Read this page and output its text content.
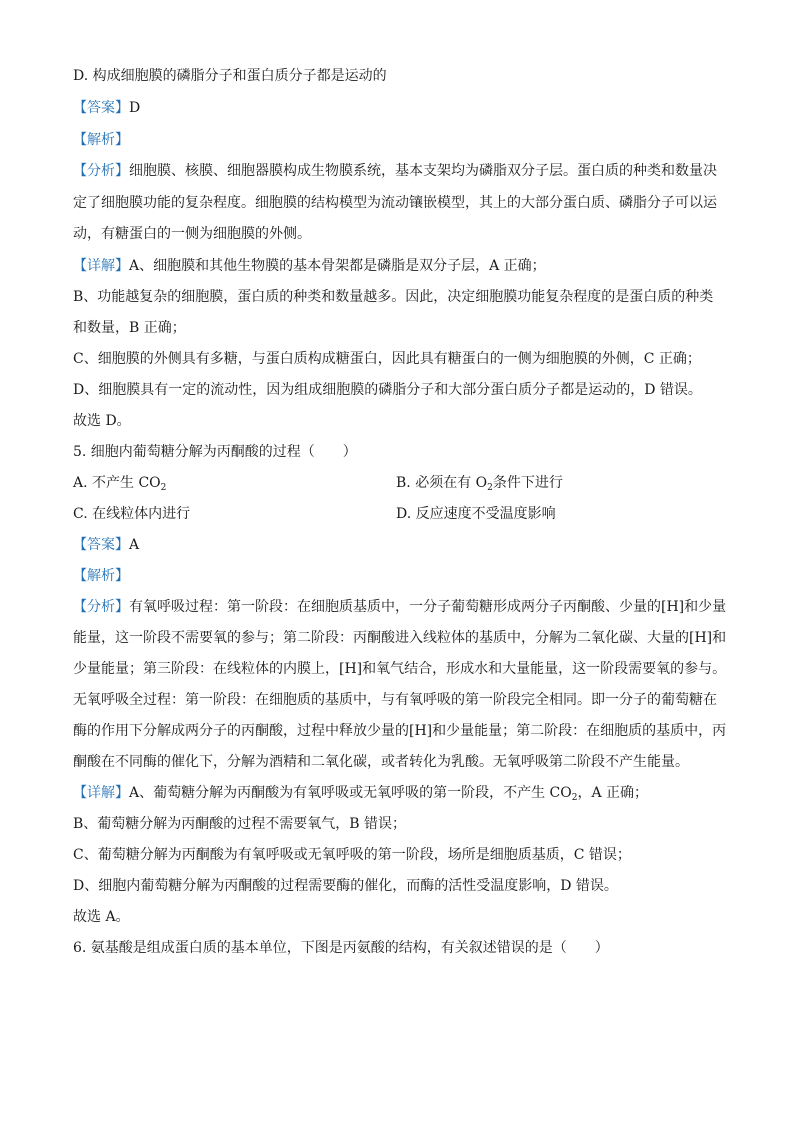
D. 构成细胞膜的磷脂分子和蛋白质分子都是运动的
【答案】D
【解析】
【分析】细胞膜、核膜、细胞器膜构成生物膜系统，基本支架均为磷脂双分子层。蛋白质的种类和数量决
定了细胞膜功能的复杂程度。细胞膜的结构模型为流动镶嵌模型，其上的大部分蛋白质、磷脂分子可以运
动，有糖蛋白的一侧为细胞膜的外侧。
【详解】A、细胞膜和其他生物膜的基本骨架都是磷脂是双分子层，A 正确；
B、功能越复杂的细胞膜，蛋白质的种类和数量越多。因此，决定细胞膜功能复杂程度的是蛋白质的种类
和数量，B 正确；
C、细胞膜的外侧具有多糖，与蛋白质构成糖蛋白，因此具有糖蛋白的一侧为细胞膜的外侧，C 正确；
D、细胞膜具有一定的流动性，因为组成细胞膜的磷脂分子和大部分蛋白质分子都是运动的，D 错误。
故选 D。
5. 细胞内葡萄糖分解为丙酮酸的过程（　　）
A. 不产生 $CO_2$	B. 必须在有 $O_2$条件下进行
C. 在线粒体内进行	D. 反应速度不受温度影响
【答案】A
【解析】
【分析】有氧呼吸过程：第一阶段：在细胞质基质中，一分子葡萄糖形成两分子丙酮酸、少量的[H]和少量
能量，这一阶段不需要氧的参与；第二阶段：丙酮酸进入线粒体的基质中，分解为二氧化碳、大量的[H]和
少量能量；第三阶段：在线粒体的内膜上，[H]和氧气结合，形成水和大量能量，这一阶段需要氧的参与。
无氧呼吸全过程：第一阶段：在细胞质的基质中，与有氧呼吸的第一阶段完全相同。即一分子的葡萄糖在
酶的作用下分解成两分子的丙酮酸，过程中释放少量的[H]和少量能量；第二阶段：在细胞质的基质中，丙
酮酸在不同酶的催化下，分解为酒精和二氧化碳，或者转化为乳酸。无氧呼吸第二阶段不产生能量。
【详解】A、葡萄糖分解为丙酮酸为有氧呼吸或无氧呼吸的第一阶段，不产生 $CO_2$，A 正确；
B、葡萄糖分解为丙酮酸的过程不需要氧气，B 错误；
C、葡萄糖分解为丙酮酸为有氧呼吸或无氧呼吸的第一阶段，场所是细胞质基质，C 错误；
D、细胞内葡萄糖分解为丙酮酸的过程需要酶的催化，而酶的活性受温度影响，D 错误。
故选 A。
6. 氨基酸是组成蛋白质的基本单位，下图是丙氨酸的结构，有关叙述错误的是（　　）
